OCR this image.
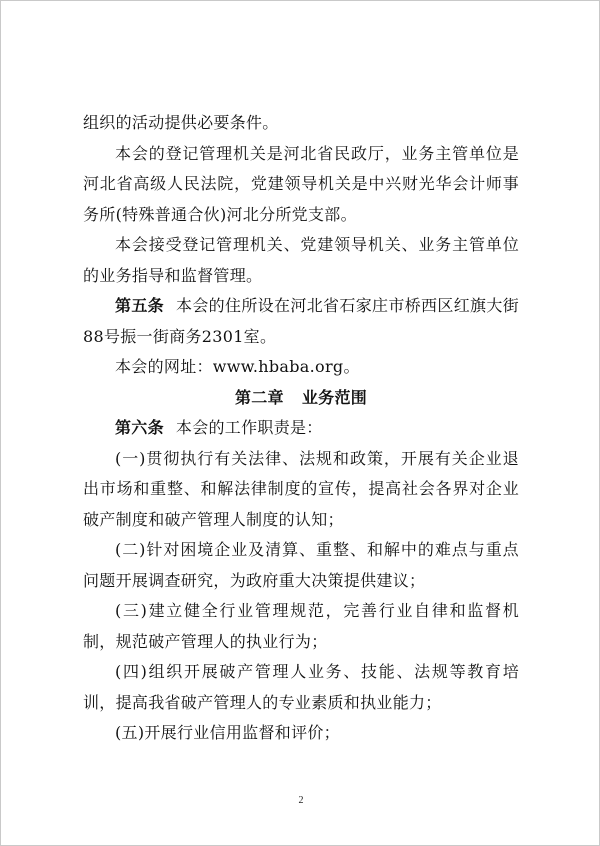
组织的活动提供必要条件。

本会的登记管理机关是河北省民政厅，业务主管单位是河北省高级人民法院，党建领导机关是中兴财光华会计师事务所(特殊普通合伙)河北分所党支部。

本会接受登记管理机关、党建领导机关、业务主管单位的业务指导和监督管理。

第五条 本会的住所设在河北省石家庄市桥西区红旗大街88号振一街商务2301室。

本会的网址：www.hbaba.org。

第二章 业务范围

第六条 本会的工作职责是：

(一)贯彻执行有关法律、法规和政策，开展有关企业退出市场和重整、和解法律制度的宣传，提高社会各界对企业破产制度和破产管理人制度的认知；

(二)针对困境企业及清算、重整、和解中的难点与重点问题开展调查研究，为政府重大决策提供建议；

(三)建立健全行业管理规范，完善行业自律和监督机制，规范破产管理人的执业行为；

(四)组织开展破产管理人业务、技能、法规等教育培训，提高我省破产管理人的专业素质和执业能力；

(五)开展行业信用监督和评价；

2
